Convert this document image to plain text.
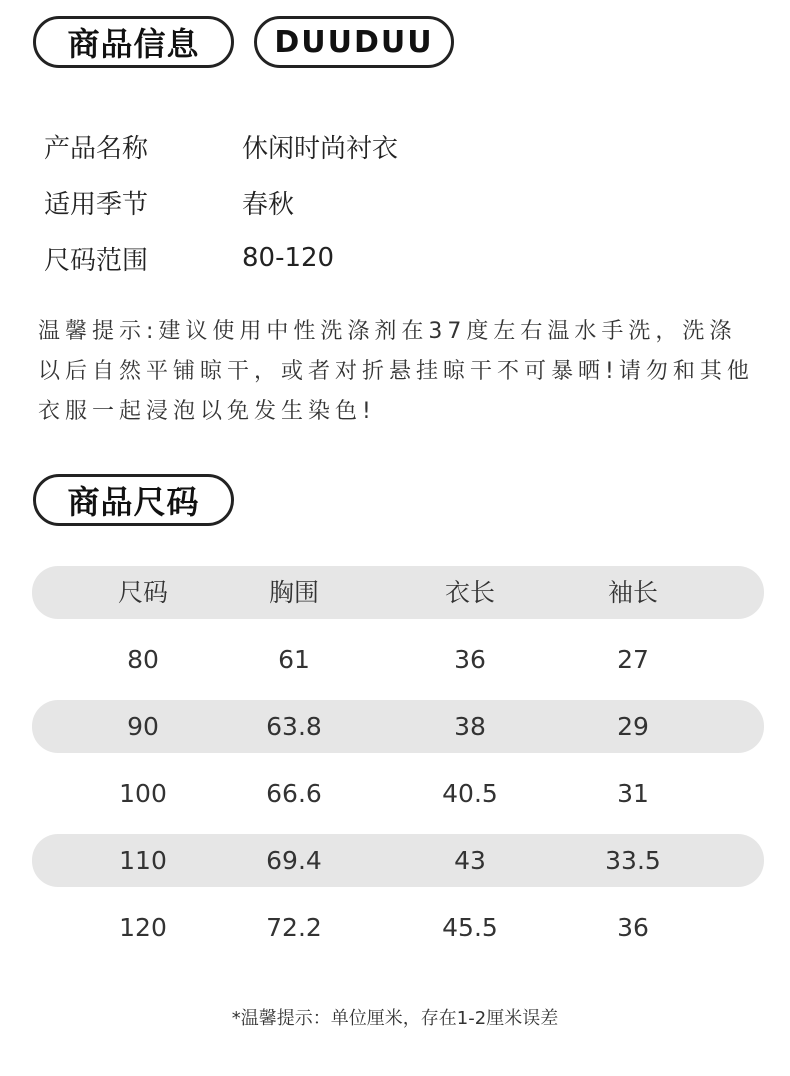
商品信息 DUUDUU
产品名称	休闲时尚衬衣
适用季节	春秋
尺码范围	80-120

温馨提示:建议使用中性洗涤剂在37度左右温水手洗，洗涤以后自然平铺晾干，或者对折悬挂晾干不可暴晒!请勿和其他衣服一起浸泡以免发生染色!

商品尺码
尺码	胸围	衣长	袖长
80	61	36	27
90	63.8	38	29
100	66.6	40.5	31
110	69.4	43	33.5
120	72.2	45.5	36
*温馨提示：单位厘米，存在1-2厘米误差
